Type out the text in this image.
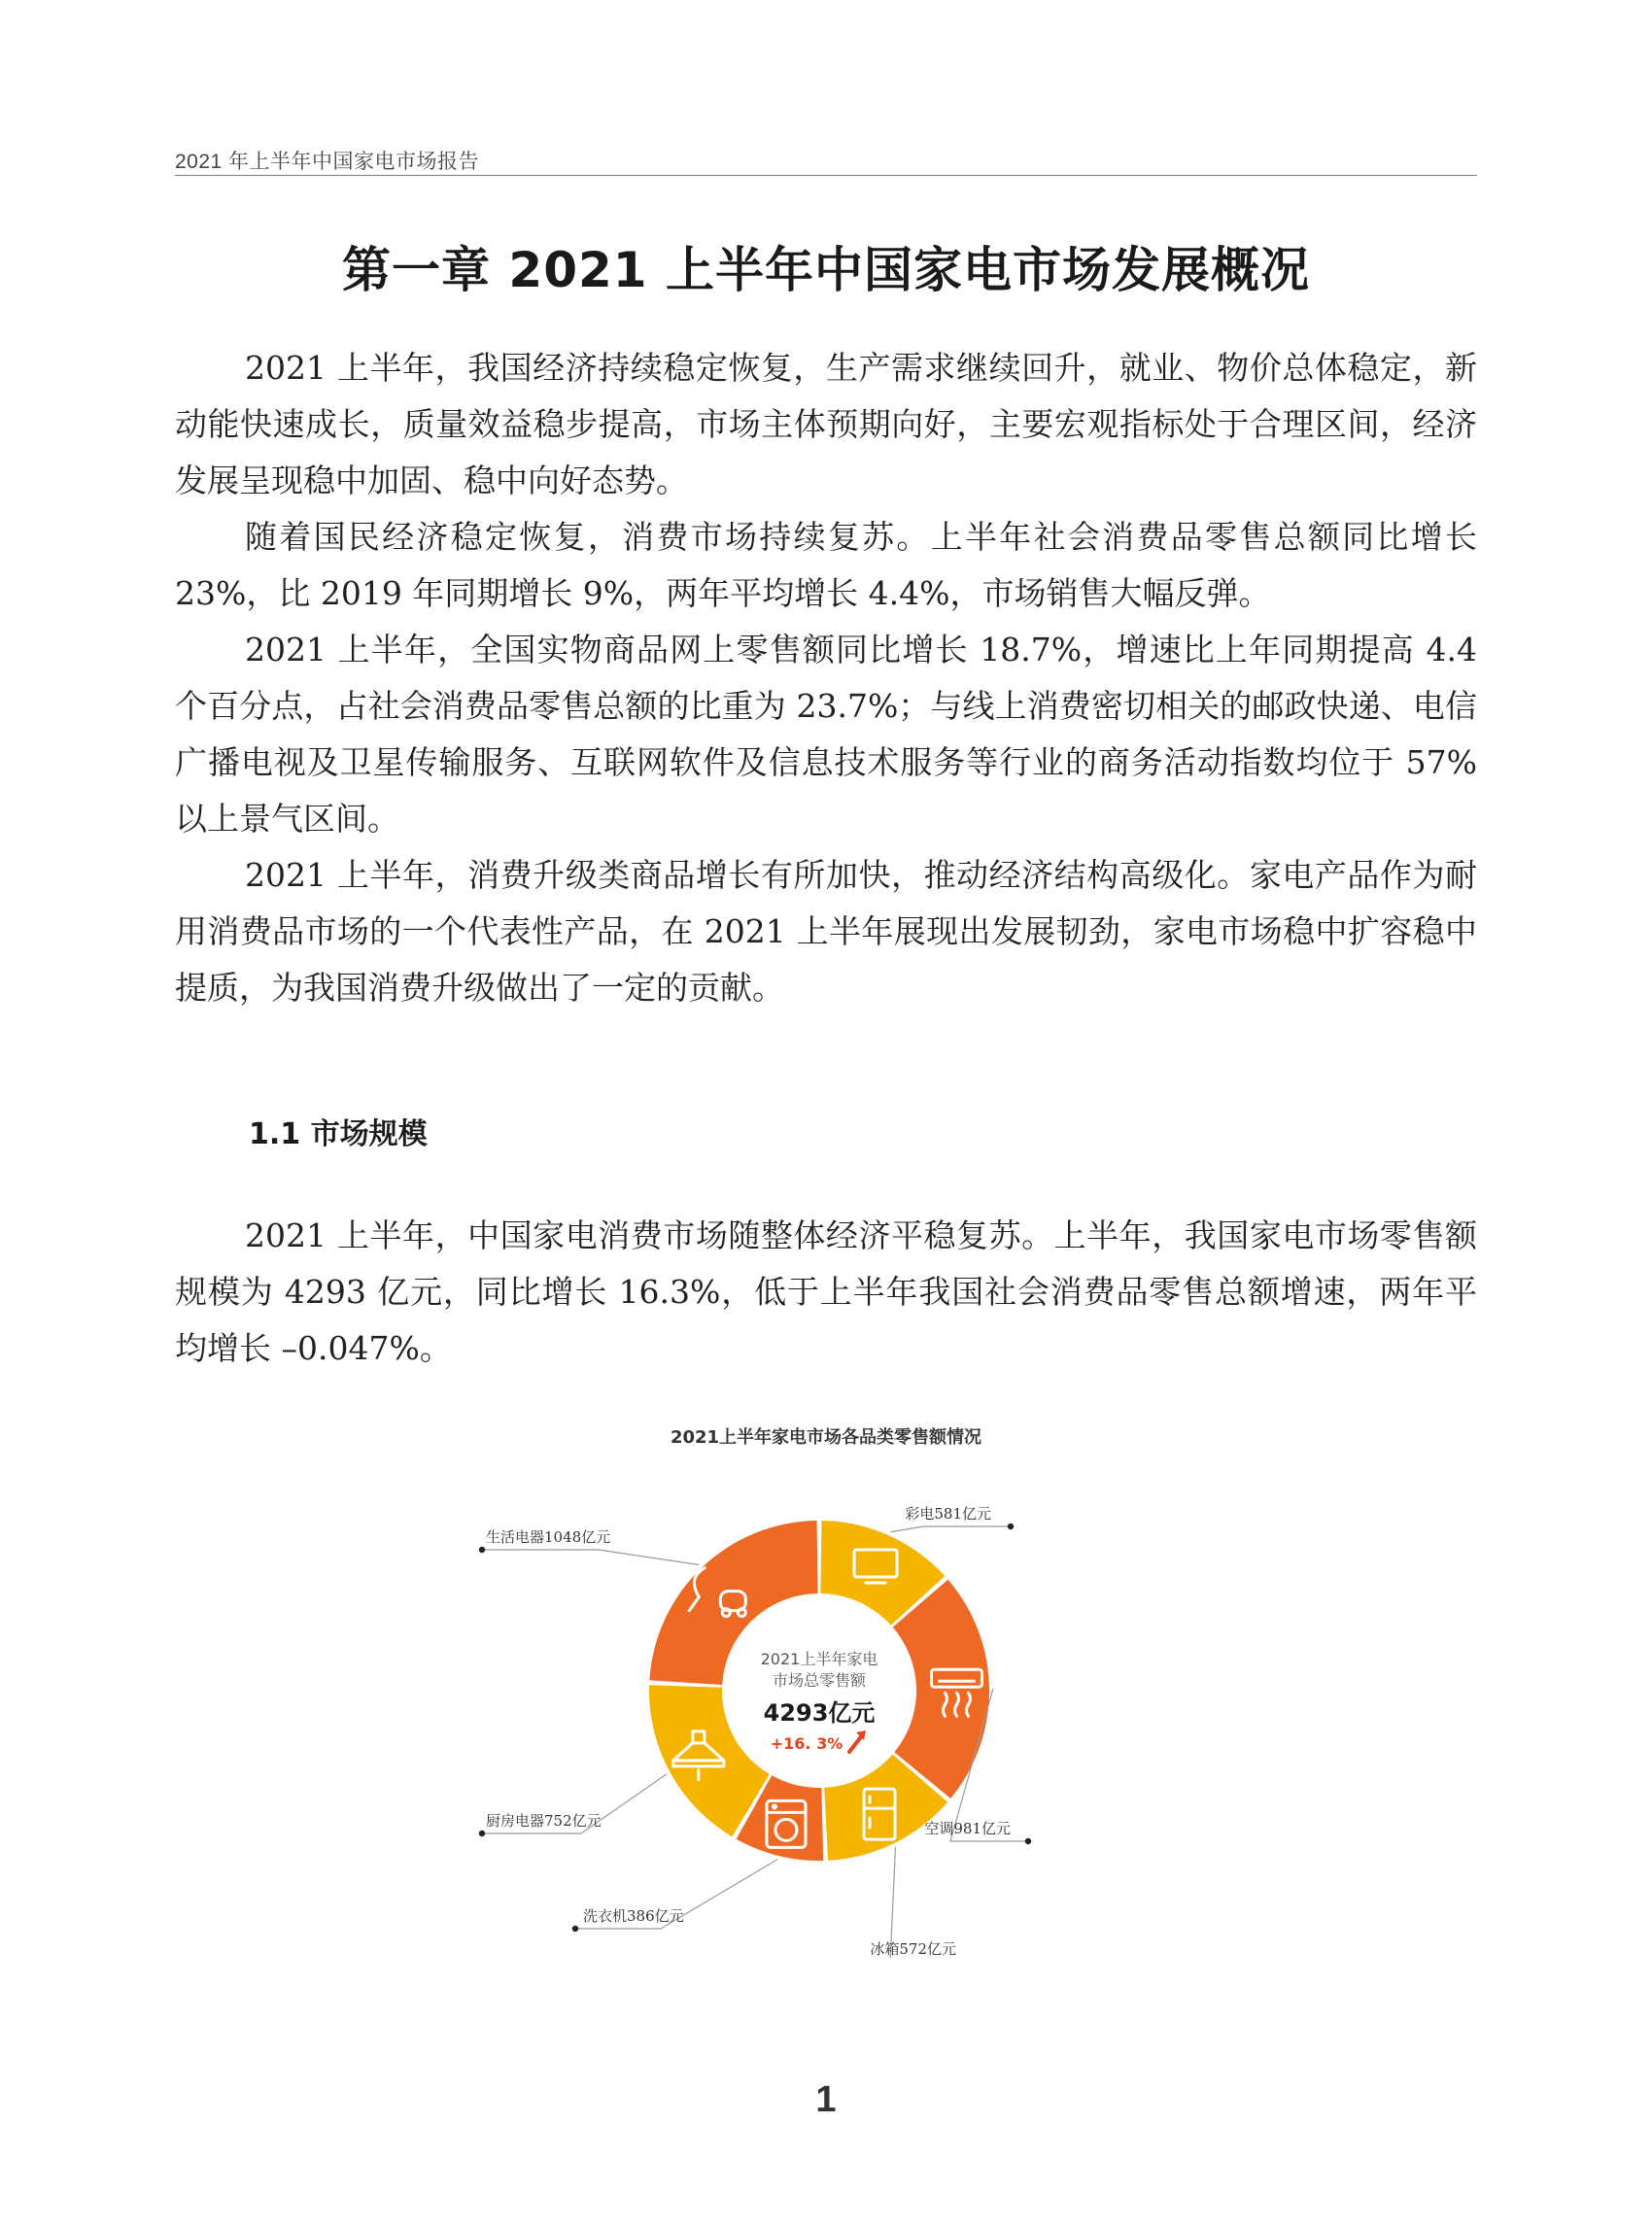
2021 年上半年中国家电市场报告
第一章 2021 上半年中国家电市场发展概况

2021 上半年，我国经济持续稳定恢复，生产需求继续回升，就业、物价总体稳定，新动能快速成长，质量效益稳步提高，市场主体预期向好，主要宏观指标处于合理区间，经济发展呈现稳中加固、稳中向好态势。

随着国民经济稳定恢复，消费市场持续复苏。上半年社会消费品零售总额同比增长 23%，比 2019 年同期增长 9%，两年平均增长 4.4%，市场销售大幅反弹。

2021 上半年，全国实物商品网上零售额同比增长 18.7%，增速比上年同期提高 4.4 个百分点，占社会消费品零售总额的比重为 23.7%；与线上消费密切相关的邮政快递、电信广播电视及卫星传输服务、互联网软件及信息技术服务等行业的商务活动指数均位于 57% 以上景气区间。

2021 上半年，消费升级类商品增长有所加快，推动经济结构高级化。家电产品作为耐用消费品市场的一个代表性产品，在 2021 上半年展现出发展韧劲，家电市场稳中扩容稳中提质，为我国消费升级做出了一定的贡献。

1.1 市场规模

2021 上半年，中国家电消费市场随整体经济平稳复苏。上半年，我国家电市场零售额规模为 4293 亿元，同比增长 16.3%，低于上半年我国社会消费品零售总额增速，两年平均增长 –0.047%。

2021上半年家电市场各品类零售额情况
彩电581亿元
空调981亿元
冰箱572亿元
洗衣机386亿元
厨房电器752亿元
生活电器1048亿元
2021上半年家电
市场总零售额
4293亿元
+16. 3%
1
